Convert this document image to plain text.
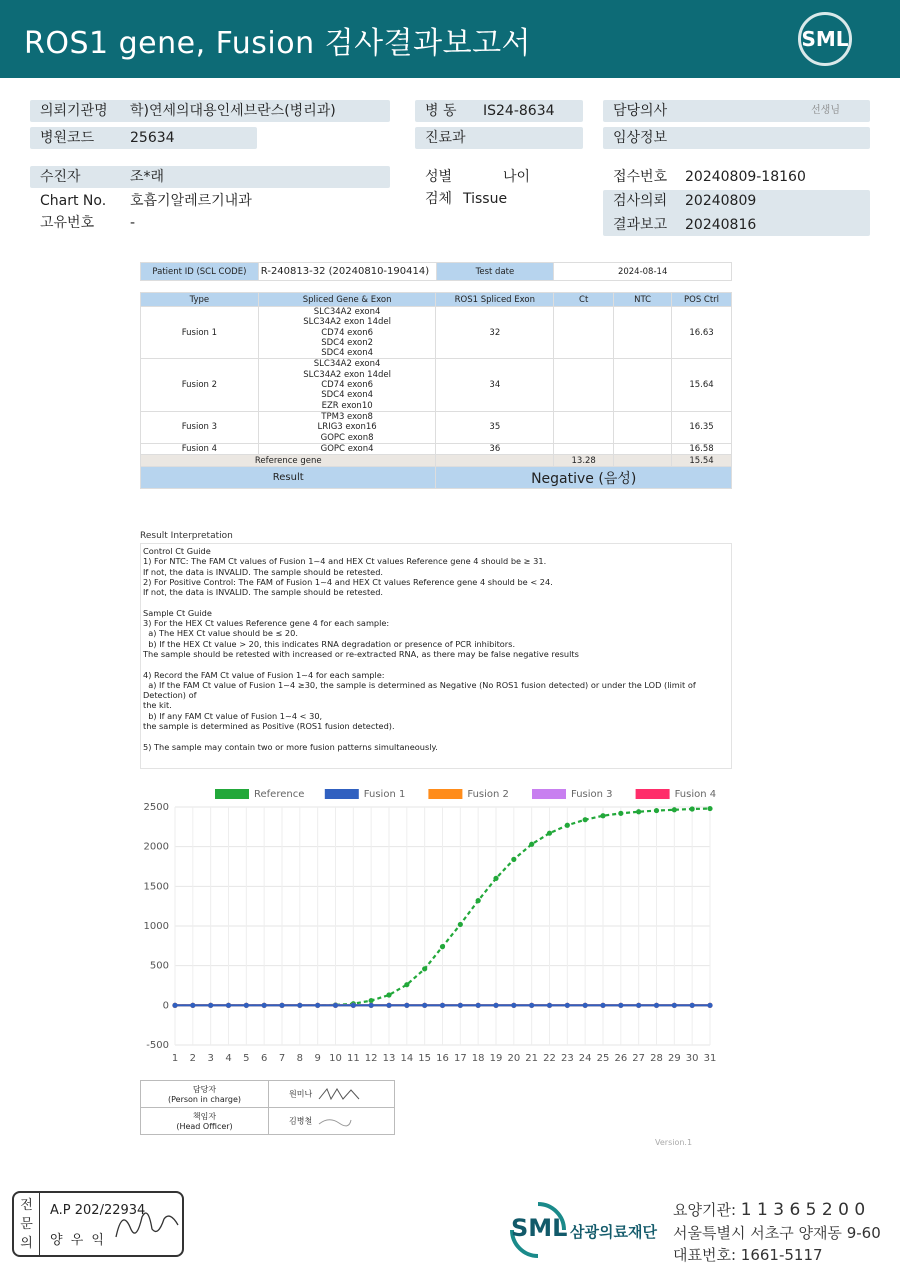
ROS1 gene, Fusion 검사결과보고서	SML
의뢰기관명 학)연세의대용인세브란스(병리과)	병 동 IS24-8634	담당의사	선생님
병원코드	25634	진료과	임상정보
수진자	조*래	성별	나이	접수번호 20240809-18160
Chart No. 호흡기알레르기내과	검체 Tissue	검사의뢰 20240809
결과보고 20240816
고유번호	-
Patient ID (SCL CODE)	R-240813-32 (20240810-190414)	Test date	2024-08-14
Type	Spliced Gene & Exon	ROS1 Spliced Exon	Ct	NTC	POS Ctrl
Fusion 1	SLC34A2 exon4
SLC34A2 exon 14del
CD74 exon6
SDC4 exon2
SDC4 exon4	32			16.63
Fusion 2	SLC34A2 exon4
SLC34A2 exon 14del
CD74 exon6
SDC4 exon4
EZR exon10	34			15.64
Fusion 3	TPM3 exon8
LRIG3 exon16
GOPC exon8	35			16.35
Fusion 4	GOPC exon4	36			16.58
Reference gene			13.28		15.54
Result		Negative (음성)			
Result Interpretation
Control Ct Guide
1) For NTC: The FAM Ct values of Fusion 1~4 and HEX Ct values Reference gene 4 should be ≥ 31.
If not, the data is INVALID. The sample should be retested.
2) For Positive Control: The FAM of Fusion 1~4 and HEX Ct values Reference gene 4 should be < 24.
If not, the data is INVALID. The sample should be retested.
Sample Ct Guide
3) For the HEX Ct values Reference gene 4 for each sample:
a) The HEX Ct value should be ≤ 20.
b) If the HEX Ct value > 20, this indicates RNA degradation or presence of PCR inhibitors.
The sample should be retested with increased or re-extracted RNA, as there may be false negative results
4) Record the FAM Ct value of Fusion 1~4 for each sample:
a) If the FAM Ct value of Fusion 1~4 ≥30, the sample is determined as Negative (No ROS1 fusion detected) or under the LOD (limit of Detection) of
the kit.
b) If any FAM Ct value of Fusion 1~4 < 30,
the sample is determined as Positive (ROS1 fusion detected).
5) The sample may contain two or more fusion patterns simultaneously.
-500
0
500
1000
1500
2000
2500
1 2 3 4 5 6 7 8 9 10 11 12 13 14 15 16 17 18 19 20 21 22 23 24 25 26 27 28 29 30 31
Reference	Fusion 1	Fusion 2	Fusion 3	Fusion 4
담당자
(Person in charge)	원미나
책임자
(Head Officer)	김병철
Version.1
전
문
의
A.P 202/22934
양 우 익	SML 삼광의료재단
요양기관: 1 1 3 6 5 2 0 0
서울특별시 서초구 양재동 9-60
대표번호: 1661-5117
